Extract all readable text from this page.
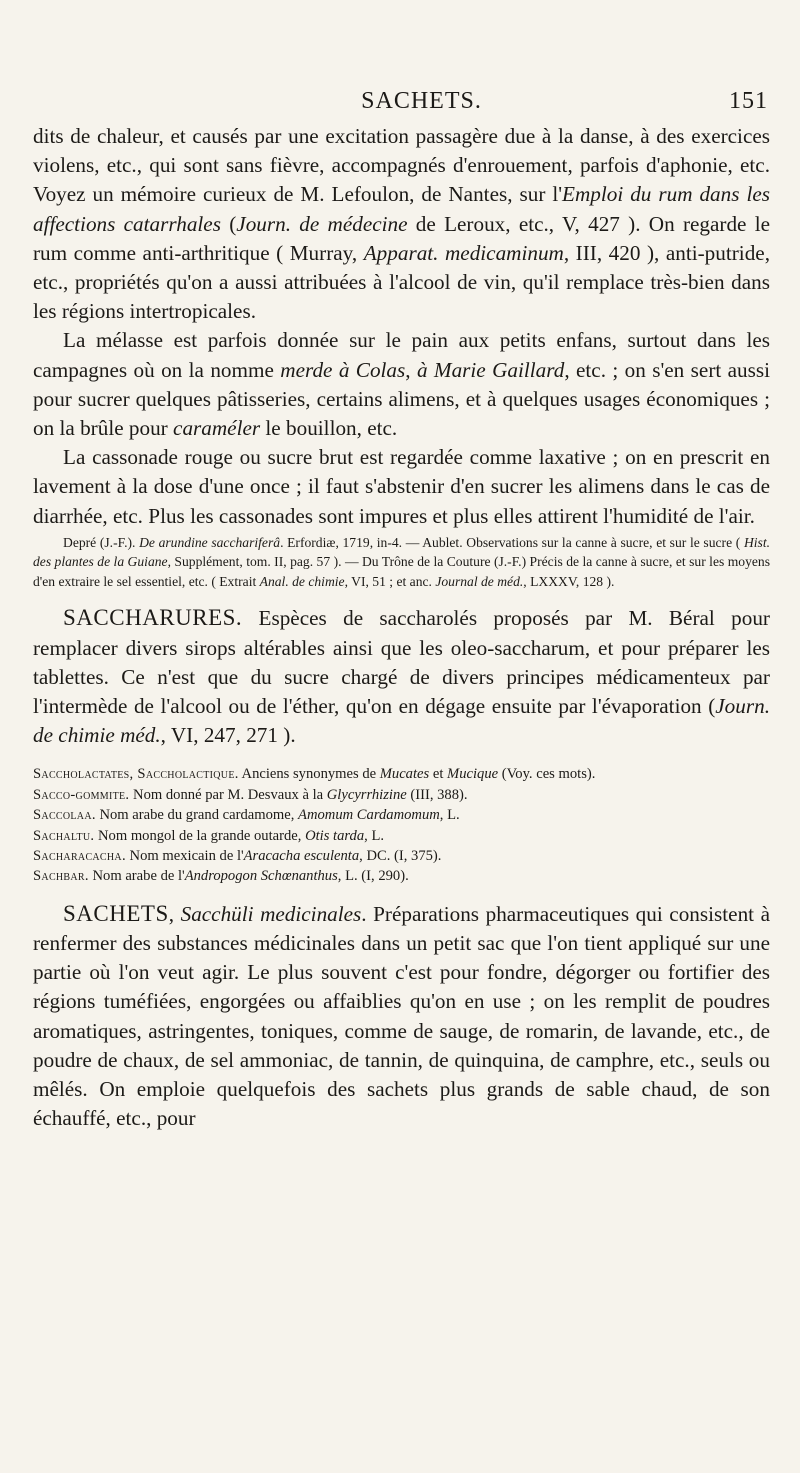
SACHETS.	151

dits de chaleur, et causés par une excitation passagère due à la danse, à des exercices violens, etc., qui sont sans fièvre, accompagnés d'enrouement, parfois d'aphonie, etc. Voyez un mémoire curieux de M. Lefoulon, de Nantes, sur l'Emploi du rum dans les affections catarrhales (Journ. de médecine de Leroux, etc., V, 427 ). On regarde le rum comme anti-arthritique ( Murray, Apparat. medicaminum, III, 420 ), anti-putride, etc., propriétés qu'on a aussi attribuées à l'alcool de vin, qu'il remplace très-bien dans les régions intertropicales.

La mélasse est parfois donnée sur le pain aux petits enfans, surtout dans les campagnes où on la nomme merde à Colas, à Marie Gaillard, etc. ; on s'en sert aussi pour sucrer quelques pâtisseries, certains alimens, et à quelques usages économiques ; on la brûle pour caraméler le bouillon, etc.

La cassonade rouge ou sucre brut est regardée comme laxative ; on en prescrit en lavement à la dose d'une once ; il faut s'abstenir d'en sucrer les alimens dans le cas de diarrhée, etc. Plus les cassonades sont impures et plus elles attirent l'humidité de l'air.

Depré (J.-F.). De arundine sacchariferâ. Erfordiæ, 1719, in-4. — Aublet. Observations sur la canne à sucre, et sur le sucre ( Hist. des plantes de la Guiane, Supplément, tom. II, pag. 57 ). — Du Trône de la Couture (J.-F.) Précis de la canne à sucre, et sur les moyens d'en extraire le sel essentiel, etc. ( Extrait Anal. de chimie, VI, 51 ; et anc. Journal de méd., LXXXV, 128 ).

SACCHARURES. Espèces de saccharolés proposés par M. Béral pour remplacer divers sirops altérables ainsi que les oleo-saccharum, et pour préparer les tablettes. Ce n'est que du sucre chargé de divers principes médicamenteux par l'intermède de l'alcool ou de l'éther, qu'on en dégage ensuite par l'évaporation (Journ. de chimie méd., VI, 247, 271 ).

Saccholactates, Saccholactique. Anciens synonymes de Mucates et Mucique (Voy. ces mots).

Sacco-gommite. Nom donné par M. Desvaux à la Glycyrrhizine (III, 388).

Saccolaa. Nom arabe du grand cardamome, Amomum Cardamomum, L.

Sachaltu. Nom mongol de la grande outarde, Otis tarda, L.

Sacharacacha. Nom mexicain de l'Aracacha esculenta, DC. (I, 375).

Sachbar. Nom arabe de l'Andropogon Schœnanthus, L. (I, 290).

SACHETS, Sacchüli medicinales. Préparations pharmaceutiques qui consistent à renfermer des substances médicinales dans un petit sac que l'on tient appliqué sur une partie où l'on veut agir. Le plus souvent c'est pour fondre, dégorger ou fortifier des régions tuméfiées, engorgées ou affaiblies qu'on en use ; on les remplit de poudres aromatiques, astringentes, toniques, comme de sauge, de romarin, de lavande, etc., de poudre de chaux, de sel ammoniac, de tannin, de quinquina, de camphre, etc., seuls ou mêlés. On emploie quelquefois des sachets plus grands de sable chaud, de son échauffé, etc., pour
